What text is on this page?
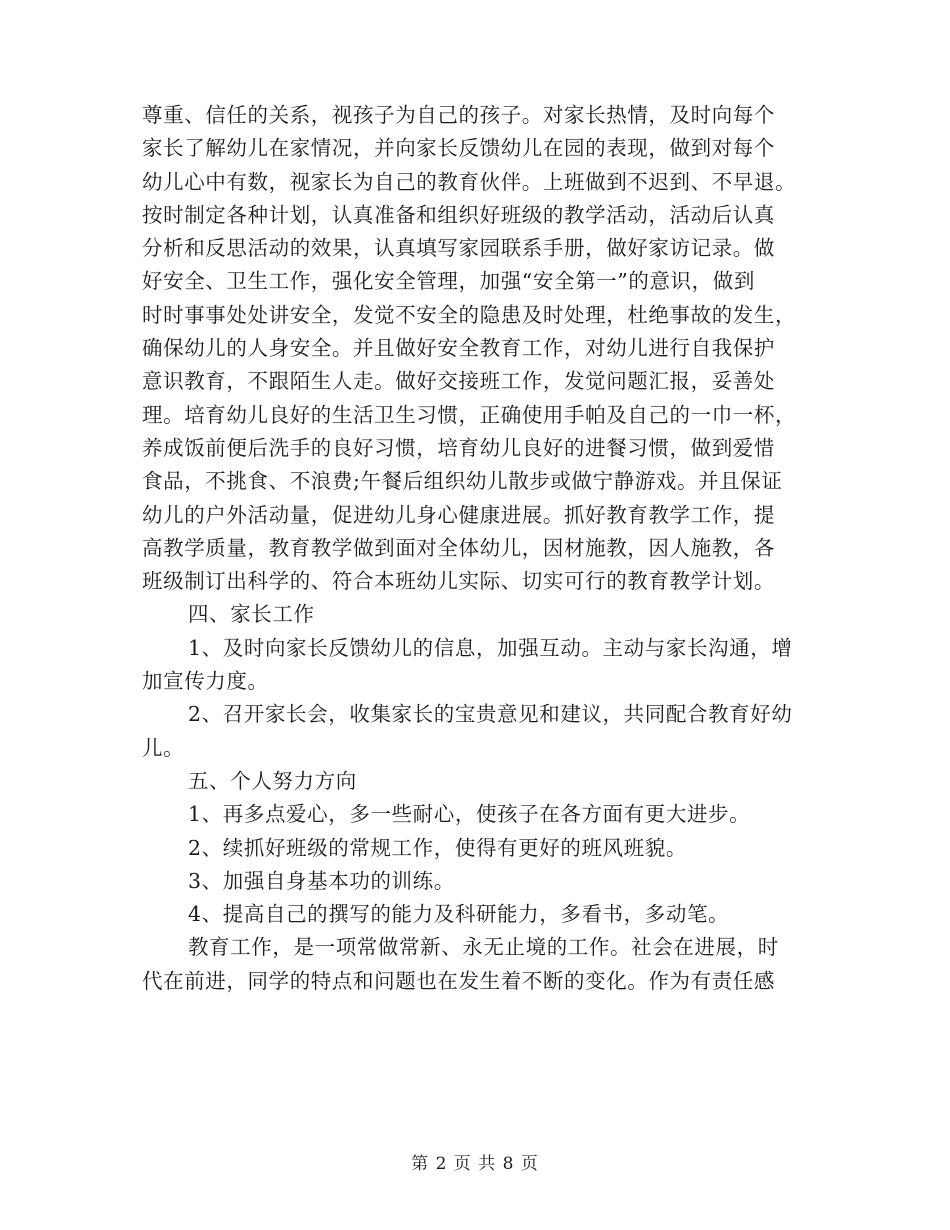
尊重、信任的关系，视孩子为自己的孩子。对家长热情，及时向每个
家长了解幼儿在家情况，并向家长反馈幼儿在园的表现，做到对每个
幼儿心中有数，视家长为自己的教育伙伴。上班做到不迟到、不早退。
按时制定各种计划，认真准备和组织好班级的教学活动，活动后认真
分析和反思活动的效果，认真填写家园联系手册，做好家访记录。做
好安全、卫生工作，强化安全管理，加强“安全第一”的意识，做到
时时事事处处讲安全，发觉不安全的隐患及时处理，杜绝事故的发生，
确保幼儿的人身安全。并且做好安全教育工作，对幼儿进行自我保护
意识教育，不跟陌生人走。做好交接班工作，发觉问题汇报，妥善处
理。培育幼儿良好的生活卫生习惯，正确使用手帕及自己的一巾一杯，
养成饭前便后洗手的良好习惯，培育幼儿良好的进餐习惯，做到爱惜
食品，不挑食、不浪费;午餐后组织幼儿散步或做宁静游戏。并且保证
幼儿的户外活动量，促进幼儿身心健康进展。抓好教育教学工作，提
高教学质量，教育教学做到面对全体幼儿，因材施教，因人施教，各
班级制订出科学的、符合本班幼儿实际、切实可行的教育教学计划。
四、家长工作
1、及时向家长反馈幼儿的信息，加强互动。主动与家长沟通，增
加宣传力度。
2、召开家长会，收集家长的宝贵意见和建议，共同配合教育好幼
儿。
五、个人努力方向
1、再多点爱心，多一些耐心，使孩子在各方面有更大进步。
2、续抓好班级的常规工作，使得有更好的班风班貌。
3、加强自身基本功的训练。
4、提高自己的撰写的能力及科研能力，多看书，多动笔。
教育工作，是一项常做常新、永无止境的工作。社会在进展，时
代在前进，同学的特点和问题也在发生着不断的变化。作为有责任感
第 2 页 共 8 页
